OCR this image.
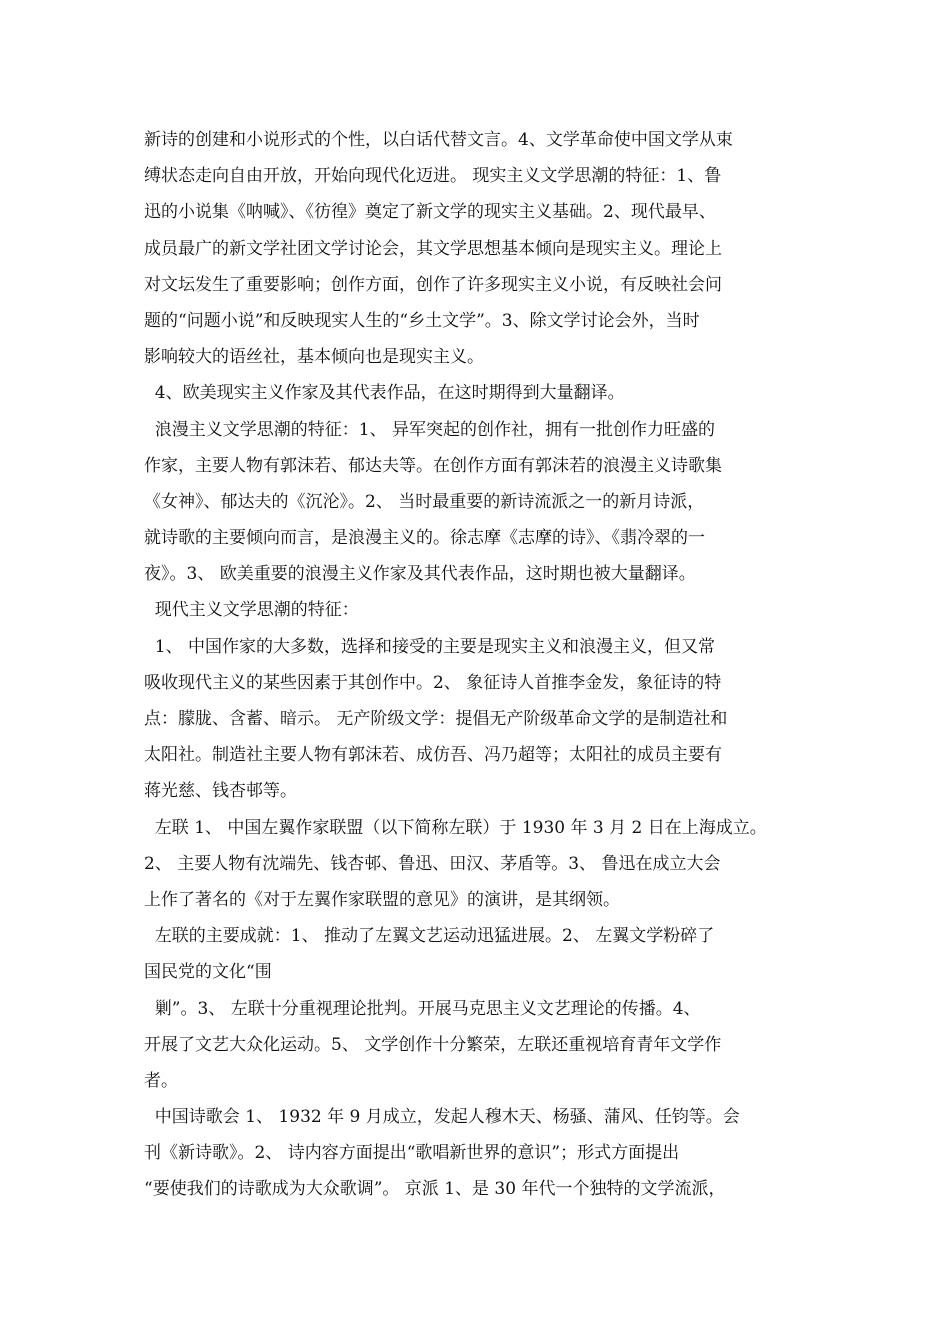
新诗的创建和小说形式的个性，以白话代替文言。4、文学革命使中国文学从束
缚状态走向自由开放，开始向现代化迈进。 现实主义文学思潮的特征：1、鲁
迅的小说集《呐喊》、《彷徨》奠定了新文学的现实主义基础。2、现代最早、
成员最广的新文学社团文学讨论会，其文学思想基本倾向是现实主义。理论上
对文坛发生了重要影响；创作方面，创作了许多现实主义小说，有反映社会问
题的“问题小说”和反映现实人生的“乡土文学”。3、除文学讨论会外，当时
影响较大的语丝社，基本倾向也是现实主义。
4、欧美现实主义作家及其代表作品，在这时期得到大量翻译。
浪漫主义文学思潮的特征：1、 异军突起的创作社，拥有一批创作力旺盛的
作家，主要人物有郭沫若、郁达夫等。在创作方面有郭沫若的浪漫主义诗歌集
《女神》、郁达夫的《沉沦》。2、 当时最重要的新诗流派之一的新月诗派，
就诗歌的主要倾向而言，是浪漫主义的。徐志摩《志摩的诗》、《翡冷翠的一
夜》。3、 欧美重要的浪漫主义作家及其代表作品，这时期也被大量翻译。
现代主义文学思潮的特征：
1、 中国作家的大多数，选择和接受的主要是现实主义和浪漫主义，但又常
吸收现代主义的某些因素于其创作中。2、 象征诗人首推李金发，象征诗的特
点：朦胧、含蓄、暗示。 无产阶级文学：提倡无产阶级革命文学的是制造社和
太阳社。制造社主要人物有郭沫若、成仿吾、冯乃超等；太阳社的成员主要有
蒋光慈、钱杏邨等。
左联 1、 中国左翼作家联盟（以下简称左联）于 1930 年 3 月 2 日在上海成立。
2、 主要人物有沈端先、钱杏邨、鲁迅、田汉、茅盾等。3、 鲁迅在成立大会
上作了著名的《对于左翼作家联盟的意见》的演讲，是其纲领。
左联的主要成就：1、 推动了左翼文艺运动迅猛进展。2、 左翼文学粉碎了
国民党的文化“围
剿”。3、 左联十分重视理论批判。开展马克思主义文艺理论的传播。4、
开展了文艺大众化运动。5、 文学创作十分繁荣，左联还重视培育青年文学作
者。
中国诗歌会 1、 1932 年 9 月成立，发起人穆木天、杨骚、蒲风、任钧等。会
刊《新诗歌》。2、 诗内容方面提出“歌唱新世界的意识”；形式方面提出
“要使我们的诗歌成为大众歌调”。 京派 1、是 30 年代一个独特的文学流派，
